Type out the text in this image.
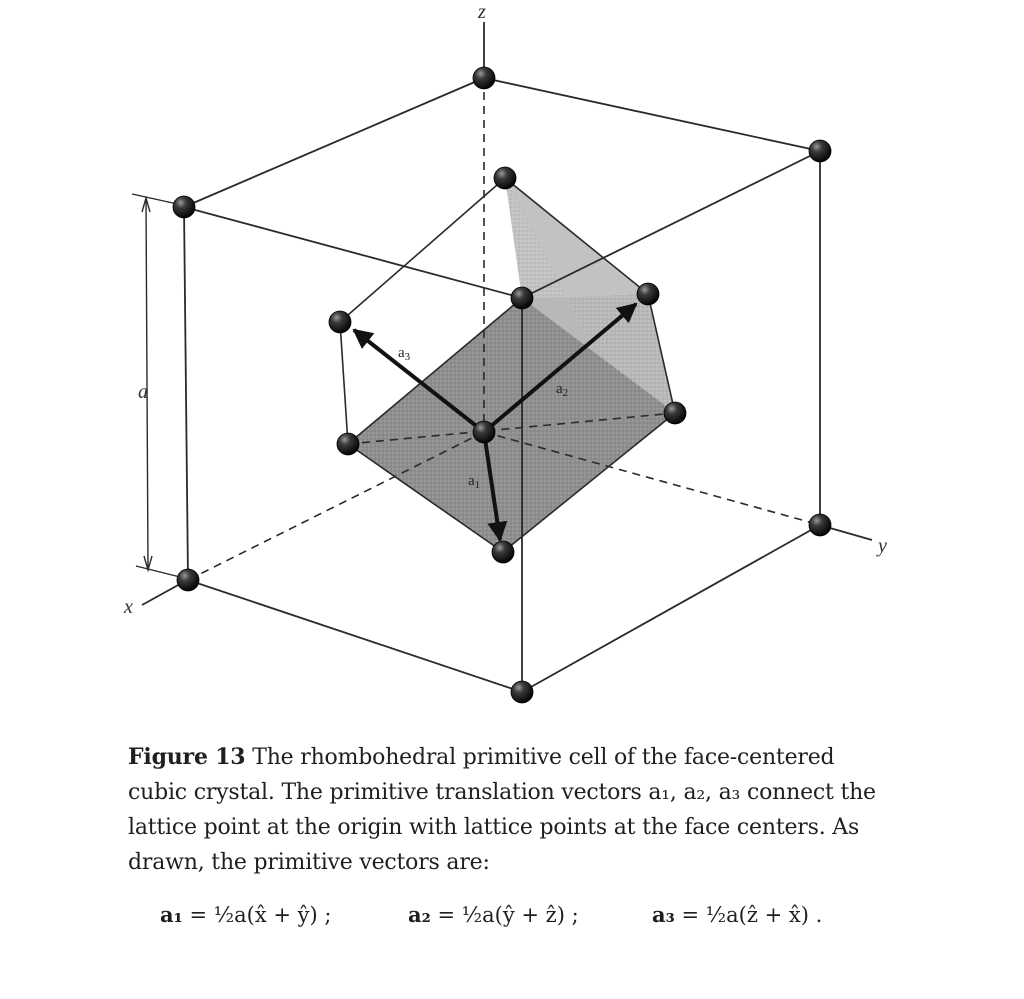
z
x
y
a
$a_1$
$a_2$
$a_3$
Figure 13 The rhombohedral primitive cell of the face-centered cubic crystal. The primitive translation vectors a₁, a₂, a₃ connect the lattice point at the origin with lattice points at the face centers. As drawn, the primitive vectors are:
a₁ = ½a(x̂ + ŷ) ;	a₂ = ½a(ŷ + ẑ) ;	a₃ = ½a(ẑ + x̂) .
